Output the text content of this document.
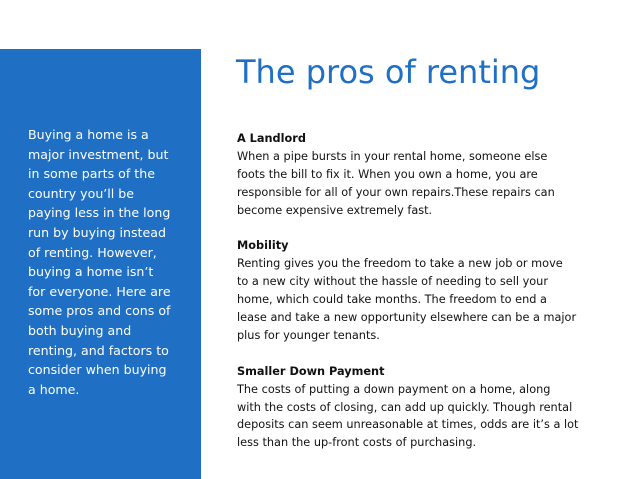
Buying a home is a
major investment, but
in some parts of the
country you’ll be
paying less in the long
run by buying instead
of renting. However,
buying a home isn’t
for everyone. Here are
some pros and cons of
both buying and
renting, and factors to
consider when buying
a home.

The pros of renting
A Landlord
When a pipe bursts in your rental home, someone else
foots the bill to fix it. When you own a home, you are
responsible for all of your own repairs.These repairs can
become expensive extremely fast.
Mobility
Renting gives you the freedom to take a new job or move
to a new city without the hassle of needing to sell your
home, which could take months. The freedom to end a
lease and take a new opportunity elsewhere can be a major
plus for younger tenants.
Smaller Down Payment
The costs of putting a down payment on a home, along
with the costs of closing, can add up quickly. Though rental
deposits can seem unreasonable at times, odds are it’s a lot
less than the up-front costs of purchasing.
